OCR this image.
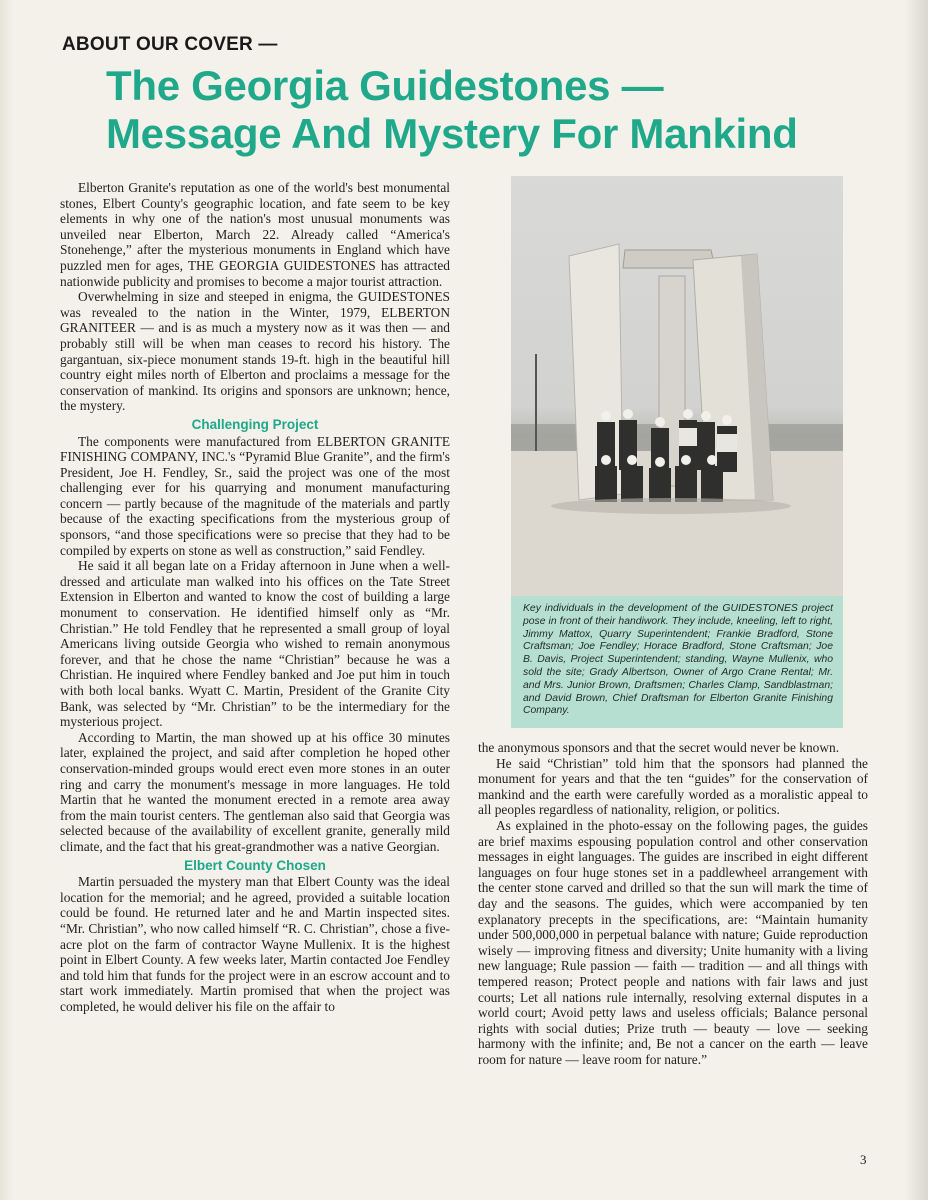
ABOUT OUR COVER —
The Georgia Guidestones —
Message And Mystery For Mankind

Elberton Granite's reputation as one of the world's best monumental stones, Elbert County's geographic location, and fate seem to be key elements in why one of the nation's most unusual monuments was unveiled near Elberton, March 22. Already called “America's Stonehenge,” after the mysterious monuments in England which have puzzled men for ages, THE GEORGIA GUIDESTONES has attracted nationwide publicity and promises to become a major tourist attraction.

Overwhelming in size and steeped in enigma, the GUIDESTONES was revealed to the nation in the Winter, 1979, ELBERTON GRANITEER — and is as much a mystery now as it was then — and probably still will be when man ceases to record his history. The gargantuan, six-piece monument stands 19-ft. high in the beautiful hill country eight miles north of Elberton and proclaims a message for the conservation of mankind. Its origins and sponsors are unknown; hence, the mystery.

Challenging Project

The components were manufactured from ELBERTON GRANITE FINISHING COMPANY, INC.'s “Pyramid Blue Granite”, and the firm's President, Joe H. Fendley, Sr., said the project was one of the most challenging ever for his quarrying and monument manufacturing concern — partly because of the magnitude of the materials and partly because of the exacting specifications from the mysterious group of sponsors, “and those specifications were so precise that they had to be compiled by experts on stone as well as construction,” said Fendley.

He said it all began late on a Friday afternoon in June when a well-dressed and articulate man walked into his offices on the Tate Street Extension in Elberton and wanted to know the cost of building a large monument to conservation. He identified himself only as “Mr. Christian.” He told Fendley that he represented a small group of loyal Americans living outside Georgia who wished to remain anonymous forever, and that he chose the name “Christian” because he was a Christian. He inquired where Fendley banked and Joe put him in touch with both local banks. Wyatt C. Martin, President of the Granite City Bank, was selected by “Mr. Christian” to be the intermediary for the mysterious project.

According to Martin, the man showed up at his office 30 minutes later, explained the project, and said after completion he hoped other conservation-minded groups would erect even more stones in an outer ring and carry the monument's message in more languages. He told Martin that he wanted the monument erected in a remote area away from the main tourist centers. The gentleman also said that Georgia was selected because of the availability of excellent granite, generally mild climate, and the fact that his great-grandmother was a native Georgian.

Elbert County Chosen

Martin persuaded the mystery man that Elbert County was the ideal location for the memorial; and he agreed, provided a suitable location could be found. He returned later and he and Martin inspected sites. “Mr. Christian”, who now called himself “R. C. Christian”, chose a five-acre plot on the farm of contractor Wayne Mullenix. It is the highest point in Elbert County. A few weeks later, Martin contacted Joe Fendley and told him that funds for the project were in an escrow account and to start work immediately. Martin promised that when the project was completed, he would deliver his file on the affair to

Key individuals in the development of the GUIDESTONES project pose in front of their handiwork. They include, kneeling, left to right, Jimmy Mattox, Quarry Superintendent; Frankie Bradford, Stone Craftsman; Joe Fendley; Horace Bradford, Stone Craftsman; Joe B. Davis, Project Superintendent; standing, Wayne Mullenix, who sold the site; Grady Albertson, Owner of Argo Crane Rental; Mr. and Mrs. Junior Brown, Draftsmen; Charles Clamp, Sandblastman; and David Brown, Chief Draftsman for Elberton Granite Finishing Company.

the anonymous sponsors and that the secret would never be known.

He said “Christian” told him that the sponsors had planned the monument for years and that the ten “guides” for the conservation of mankind and the earth were carefully worded as a moralistic appeal to all peoples regardless of nationality, religion, or politics.

As explained in the photo-essay on the following pages, the guides are brief maxims espousing population control and other conservation messages in eight languages. The guides are inscribed in eight different languages on four huge stones set in a paddlewheel arrangement with the center stone carved and drilled so that the sun will mark the time of day and the seasons. The guides, which were accompanied by ten explanatory precepts in the specifications, are: “Maintain humanity under 500,000,000 in perpetual balance with nature; Guide reproduction wisely — improving fitness and diversity; Unite humanity with a living new language; Rule passion — faith — tradition — and all things with tempered reason; Protect people and nations with fair laws and just courts; Let all nations rule internally, resolving external disputes in a world court; Avoid petty laws and useless officials; Balance personal rights with social duties; Prize truth — beauty — love — seeking harmony with the infinite; and, Be not a cancer on the earth — leave room for nature — leave room for nature.”

3
